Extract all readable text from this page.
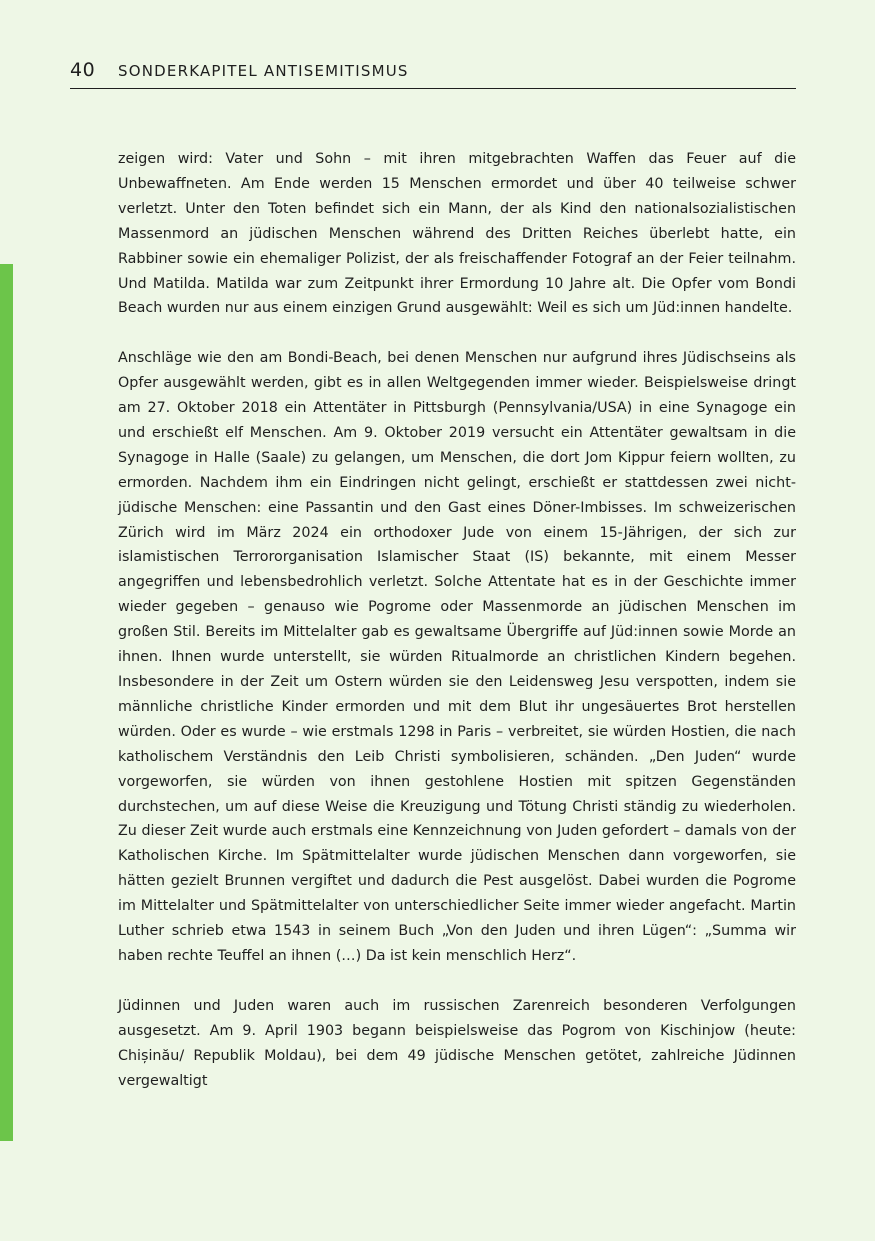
40 SONDERKAPITEL ANTISEMITISMUS

zeigen wird: Vater und Sohn – mit ihren mitgebrachten Waffen das Feuer auf die Unbewaffneten. Am Ende werden 15 Menschen ermordet und über 40 teilweise schwer verletzt. Unter den Toten befindet sich ein Mann, der als Kind den nationalsozialistischen Massenmord an jüdischen Menschen während des Dritten Reiches überlebt hatte, ein Rabbiner sowie ein ehemaliger Polizist, der als freischaffender Fotograf an der Feier teilnahm. Und Matilda. Matilda war zum Zeitpunkt ihrer Ermordung 10 Jahre alt. Die Opfer vom Bondi Beach wurden nur aus einem einzigen Grund ausgewählt: Weil es sich um Jüd:innen handelte.

Anschläge wie den am Bondi-Beach, bei denen Menschen nur aufgrund ihres Jüdischseins als Opfer ausgewählt werden, gibt es in allen Weltgegenden immer wieder. Beispielsweise dringt am 27. Oktober 2018 ein Attentäter in Pittsburgh (Pennsylvania/USA) in eine Synagoge ein und erschießt elf Menschen. Am 9. Oktober 2019 versucht ein Attentäter gewaltsam in die Synagoge in Halle (Saale) zu gelangen, um Menschen, die dort Jom Kippur feiern wollten, zu ermorden. Nachdem ihm ein Eindringen nicht gelingt, erschießt er stattdessen zwei nicht-jüdische Menschen: eine Passantin und den Gast eines Döner-Imbisses. Im schweizerischen Zürich wird im März 2024 ein orthodoxer Jude von einem 15-Jährigen, der sich zur islamistischen Terrororganisation Islamischer Staat (IS) bekannte, mit einem Messer angegriffen und lebensbedrohlich verletzt. Solche Attentate hat es in der Geschichte immer wieder gegeben – genauso wie Pogrome oder Massenmorde an jüdischen Menschen im großen Stil. Bereits im Mittelalter gab es gewaltsame Übergriffe auf Jüd:innen sowie Morde an ihnen. Ihnen wurde unterstellt, sie würden Ritualmorde an christlichen Kindern begehen. Insbesondere in der Zeit um Ostern würden sie den Leidensweg Jesu verspotten, indem sie männliche christliche Kinder ermorden und mit dem Blut ihr ungesäuertes Brot herstellen würden. Oder es wurde – wie erstmals 1298 in Paris – verbreitet, sie würden Hostien, die nach katholischem Verständnis den Leib Christi symbolisieren, schänden. „Den Juden“ wurde vorgeworfen, sie würden von ihnen gestohlene Hostien mit spitzen Gegenständen durchstechen, um auf diese Weise die Kreuzigung und Tötung Christi ständig zu wiederholen. Zu dieser Zeit wurde auch erstmals eine Kennzeichnung von Juden gefordert – damals von der Katholischen Kirche. Im Spätmittelalter wurde jüdischen Menschen dann vorgeworfen, sie hätten gezielt Brunnen vergiftet und dadurch die Pest ausgelöst. Dabei wurden die Pogrome im Mittelalter und Spätmittelalter von unterschiedlicher Seite immer wieder angefacht. Martin Luther schrieb etwa 1543 in seinem Buch „Von den Juden und ihren Lügen“: „Summa wir haben rechte Teuffel an ihnen (…) Da ist kein menschlich Herz“.

Jüdinnen und Juden waren auch im russischen Zarenreich besonderen Verfolgungen ausgesetzt. Am 9. April 1903 begann beispielsweise das Pogrom von Kischinjow (heute: Chișinău/ Republik Moldau), bei dem 49 jüdische Menschen getötet, zahlreiche Jüdinnen vergewaltigt
